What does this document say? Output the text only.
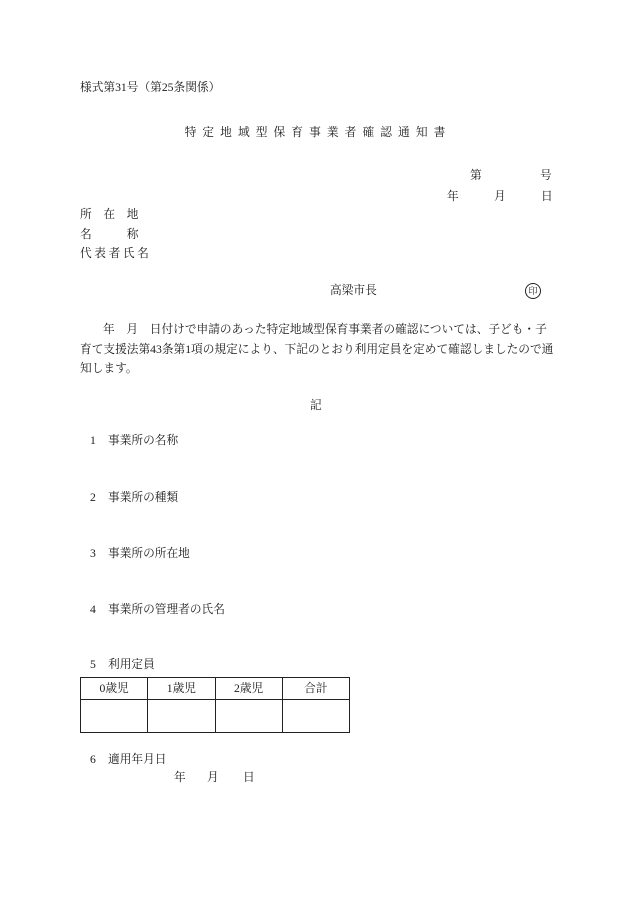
様式第31号（第25条関係）
特定地域型保育事業者確認通知書
第	号
年	月	日
所在地
名称
代表者氏名
高梁市長	印
年　月　日付けで申請のあった特定地域型保育事業者の確認については、子ども・子
育て支援法第43条第1項の規定により、下記のとおり利用定員を定めて確認しましたので通
知します。
記
1 事業所の名称
2 事業所の種類
3 事業所の所在地
4 事業所の管理者の氏名
5 利用定員
0歳児	1歳児	2歳児	合計

6 適用年月日
年 月 日
